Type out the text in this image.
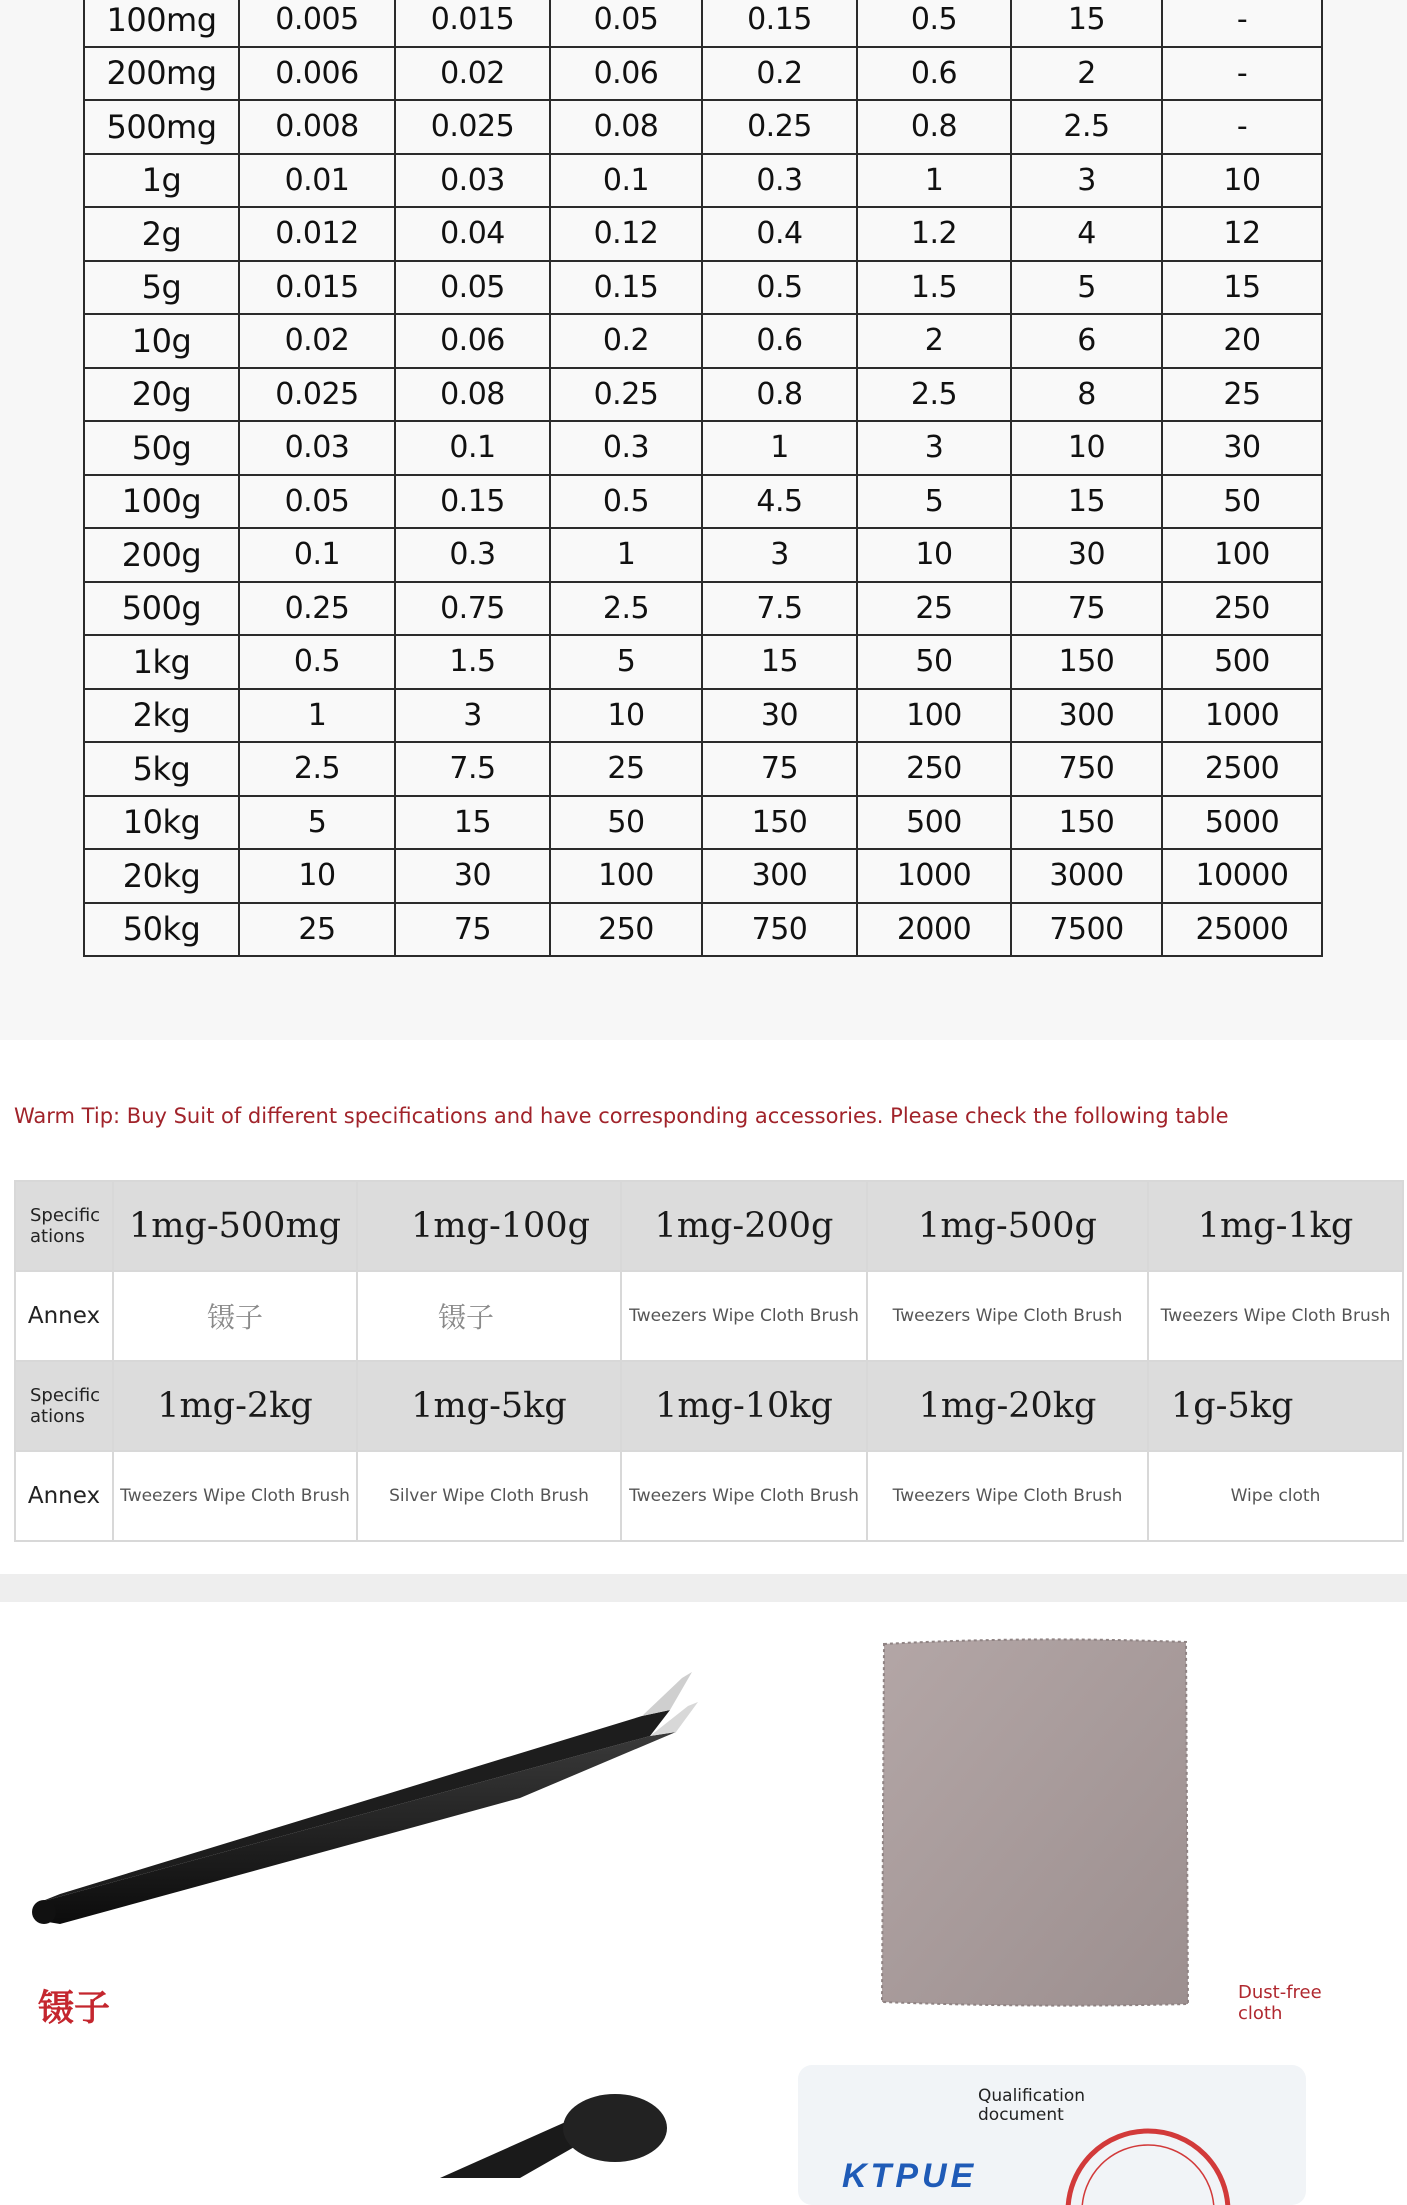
100mg	0.005	0.015	0.05	0.15	0.5	15	-
200mg	0.006	0.02	0.06	0.2	0.6	2	-
500mg	0.008	0.025	0.08	0.25	0.8	2.5	-
1g	0.01	0.03	0.1	0.3	1	3	10
2g	0.012	0.04	0.12	0.4	1.2	4	12
5g	0.015	0.05	0.15	0.5	1.5	5	15
10g	0.02	0.06	0.2	0.6	2	6	20
20g	0.025	0.08	0.25	0.8	2.5	8	25
50g	0.03	0.1	0.3	1	3	10	30
100g	0.05	0.15	0.5	4.5	5	15	50
200g	0.1	0.3	1	3	10	30	100
500g	0.25	0.75	2.5	7.5	25	75	250
1kg	0.5	1.5	5	15	50	150	500
2kg	1	3	10	30	100	300	1000
5kg	2.5	7.5	25	75	250	750	2500
10kg	5	15	50	150	500	150	5000
20kg	10	30	100	300	1000	3000	10000
50kg	25	75	250	750	2000	7500	25000
Warm Tip: Buy Suit of different specifications and have corresponding accessories. Please check the following table
Specific ations	1mg-500mg	1mg-100g	1mg-200g	1mg-500g	1mg-1kg
Annex	镊子	镊子	Tweezers Wipe Cloth Brush	Tweezers Wipe Cloth Brush	Tweezers Wipe Cloth Brush
Specific ations	1mg-2kg	1mg-5kg	1mg-10kg	1mg-20kg	1g-5kg
Annex	Tweezers Wipe Cloth Brush	Silver Wipe Cloth Brush	Tweezers Wipe Cloth Brush	Tweezers Wipe Cloth Brush	Wipe cloth
镊子	Dust-free cloth
Qualification document
KTPUE
